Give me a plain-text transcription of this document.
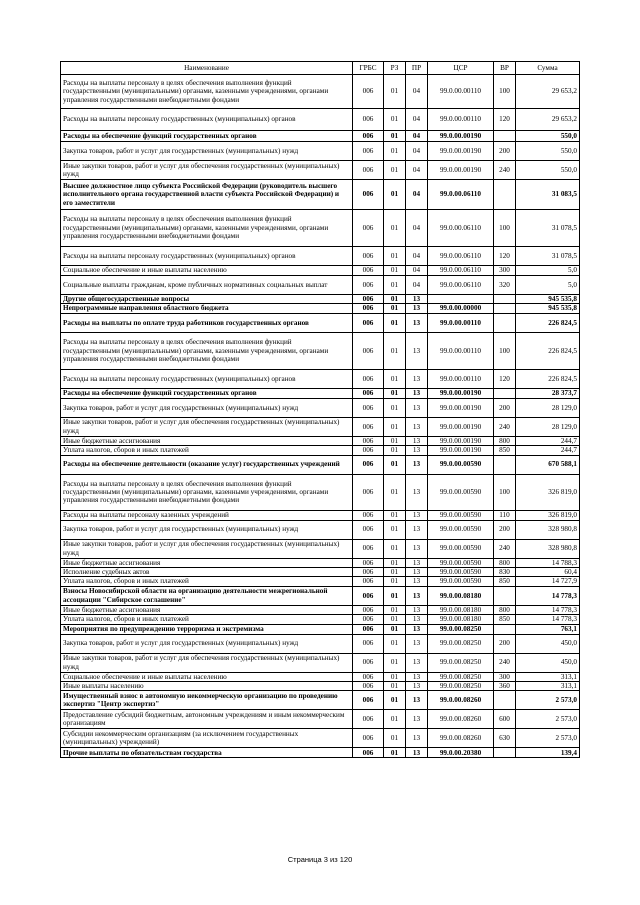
Наименование	ГРБС	РЗ	ПР	ЦСР	ВР	Сумма
Расходы на выплаты персоналу в целях обеспечения выполнения функций государственными (муниципальными) органами, казенными учреждениями, органами управления государственными внебюджетными фондами	006	01	04	99.0.00.00110	100	29 653,2
Расходы на выплаты персоналу государственных (муниципальных) органов	006	01	04	99.0.00.00110	120	29 653,2
Расходы на обеспечение функций государственных органов	006	01	04	99.0.00.00190		550,0
Закупка товаров, работ и услуг для государственных (муниципальных) нужд	006	01	04	99.0.00.00190	200	550,0
Иные закупки товаров, работ и услуг для обеспечения государственных (муниципальных) нужд	006	01	04	99.0.00.00190	240	550,0
Высшее должностное лицо субъекта Российской Федерации (руководитель высшего исполнительного органа государственной власти субъекта Российской Федерации) и его заместители	006	01	04	99.0.00.06110		31 083,5
Расходы на выплаты персоналу в целях обеспечения выполнения функций государственными (муниципальными) органами, казенными учреждениями, органами управления государственными внебюджетными фондами	006	01	04	99.0.00.06110	100	31 078,5
Расходы на выплаты персоналу государственных (муниципальных) органов	006	01	04	99.0.00.06110	120	31 078,5
Социальное обеспечение и иные выплаты населению	006	01	04	99.0.00.06110	300	5,0
Социальные выплаты гражданам, кроме публичных нормативных социальных выплат	006	01	04	99.0.00.06110	320	5,0
Другие общегосударственные вопросы	006	01	13			945 535,8
Непрограммные направления областного бюджета	006	01	13	99.0.00.00000		945 535,8
Расходы на выплаты по оплате труда работников государственных органов	006	01	13	99.0.00.00110		226 824,5
Расходы на выплаты персоналу в целях обеспечения выполнения функций государственными (муниципальными) органами, казенными учреждениями, органами управления государственными внебюджетными фондами	006	01	13	99.0.00.00110	100	226 824,5
Расходы на выплаты персоналу государственных (муниципальных) органов	006	01	13	99.0.00.00110	120	226 824,5
Расходы на обеспечение функций государственных органов	006	01	13	99.0.00.00190		28 373,7
Закупка товаров, работ и услуг для государственных (муниципальных) нужд	006	01	13	99.0.00.00190	200	28 129,0
Иные закупки товаров, работ и услуг для обеспечения государственных (муниципальных) нужд	006	01	13	99.0.00.00190	240	28 129,0
Иные бюджетные ассигнования	006	01	13	99.0.00.00190	800	244,7
Уплата налогов, сборов и иных платежей	006	01	13	99.0.00.00190	850	244,7
Расходы на обеспечение деятельности (оказание услуг) государственных учреждений	006	01	13	99.0.00.00590		670 588,1
Расходы на выплаты персоналу в целях обеспечения выполнения функций государственными (муниципальными) органами, казенными учреждениями, органами управления государственными внебюджетными фондами	006	01	13	99.0.00.00590	100	326 819,0
Расходы на выплаты персоналу казенных учреждений	006	01	13	99.0.00.00590	110	326 819,0
Закупка товаров, работ и услуг для государственных (муниципальных) нужд	006	01	13	99.0.00.00590	200	328 980,8
Иные закупки товаров, работ и услуг для обеспечения государственных (муниципальных) нужд	006	01	13	99.0.00.00590	240	328 980,8
Иные бюджетные ассигнования	006	01	13	99.0.00.00590	800	14 788,3
Исполнение судебных актов	006	01	13	99.0.00.00590	830	60,4
Уплата налогов, сборов и иных платежей	006	01	13	99.0.00.00590	850	14 727,9
Взносы Новосибирской области на организацию деятельности межрегиональной ассоциации "Сибирское соглашение"	006	01	13	99.0.00.08180		14 778,3
Иные бюджетные ассигнования	006	01	13	99.0.00.08180	800	14 778,3
Уплата налогов, сборов и иных платежей	006	01	13	99.0.00.08180	850	14 778,3
Мероприятия по предупреждению терроризма и экстремизма	006	01	13	99.0.00.08250		763,1
Закупка товаров, работ и услуг для государственных (муниципальных) нужд	006	01	13	99.0.00.08250	200	450,0
Иные закупки товаров, работ и услуг для обеспечения государственных (муниципальных) нужд	006	01	13	99.0.00.08250	240	450,0
Социальное обеспечение и иные выплаты населению	006	01	13	99.0.00.08250	300	313,1
Иные выплаты населению	006	01	13	99.0.00.08250	360	313,1
Имущественный взнос в автономную некоммерческую организацию по проведению экспертиз "Центр экспертиз"	006	01	13	99.0.00.08260		2 573,0
Предоставление субсидий бюджетным, автономным учреждениям и иным некоммерческим организациям	006	01	13	99.0.00.08260	600	2 573,0
Субсидии некоммерческим организациям (за исключением государственных (муниципальных) учреждений)	006	01	13	99.0.00.08260	630	2 573,0
Прочие выплаты по обязательствам государства	006	01	13	99.0.00.20380		139,4
Страница 3 из 120
